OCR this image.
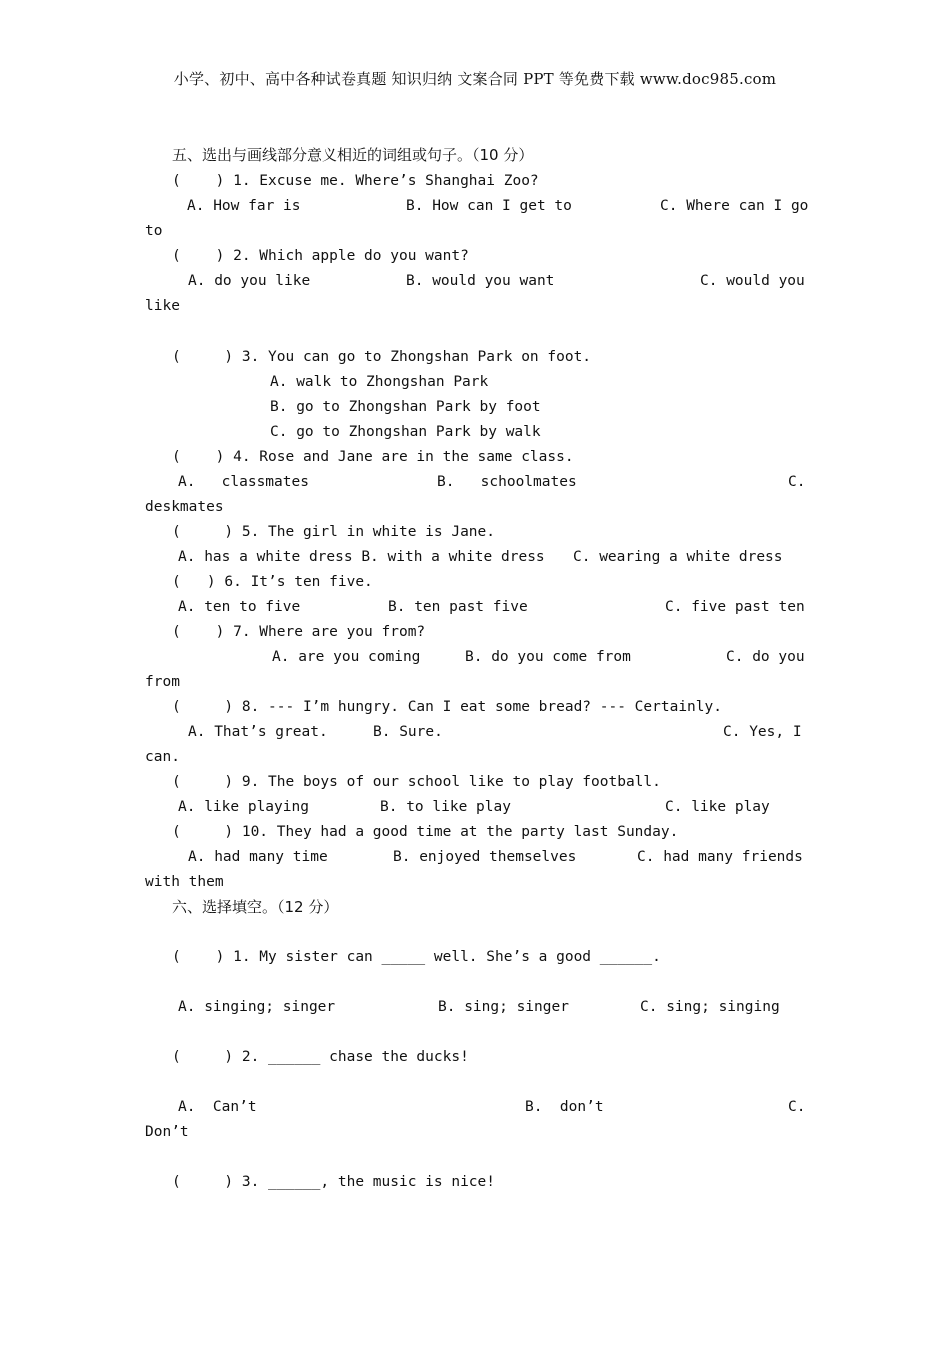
小学、初中、高中各种试卷真题 知识归纳 文案合同 PPT 等免费下载 www.doc985.com
五、选出与画线部分意义相近的词组或句子。（10 分）
(    ) 1. Excuse me. Where’s Shanghai Zoo?
A. How far is	B. How can I get to	C. Where can I go
to
(    ) 2. Which apple do you want?
A. do you like	B. would you want	C. would you
like
(     ) 3. You can go to Zhongshan Park on foot.
A. walk to Zhongshan Park
B. go to Zhongshan Park by foot
C. go to Zhongshan Park by walk
(    ) 4. Rose and Jane are in the same class.
A.   classmates	B.   schoolmates	C.
deskmates
(     ) 5. The girl in white is Jane.
A. has a white dress B. with a white dress C. wearing a white dress
(   ) 6. It’s ten five.
A. ten to five	B. ten past five	C. five past ten
(    ) 7. Where are you from?
A. are you coming	B. do you come from	C. do you
from
(     ) 8. --- I’m hungry. Can I eat some bread? --- Certainly.
A. That’s great.	B. Sure.	C. Yes, I
can.
(     ) 9. The boys of our school like to play football.
A. like playing	B. to like play	C. like play
(     ) 10. They had a good time at the party last Sunday.
A. had many time	B. enjoyed themselves	C. had many friends
with them
六、选择填空。（12 分）
(    ) 1. My sister can _____ well. She’s a good ______.
A. singing; singer	B. sing; singer	C. sing; singing
(     ) 2. ______ chase the ducks!
A.  Can’t	B.  don’t	C.
Don’t
(     ) 3. ______, the music is nice!
